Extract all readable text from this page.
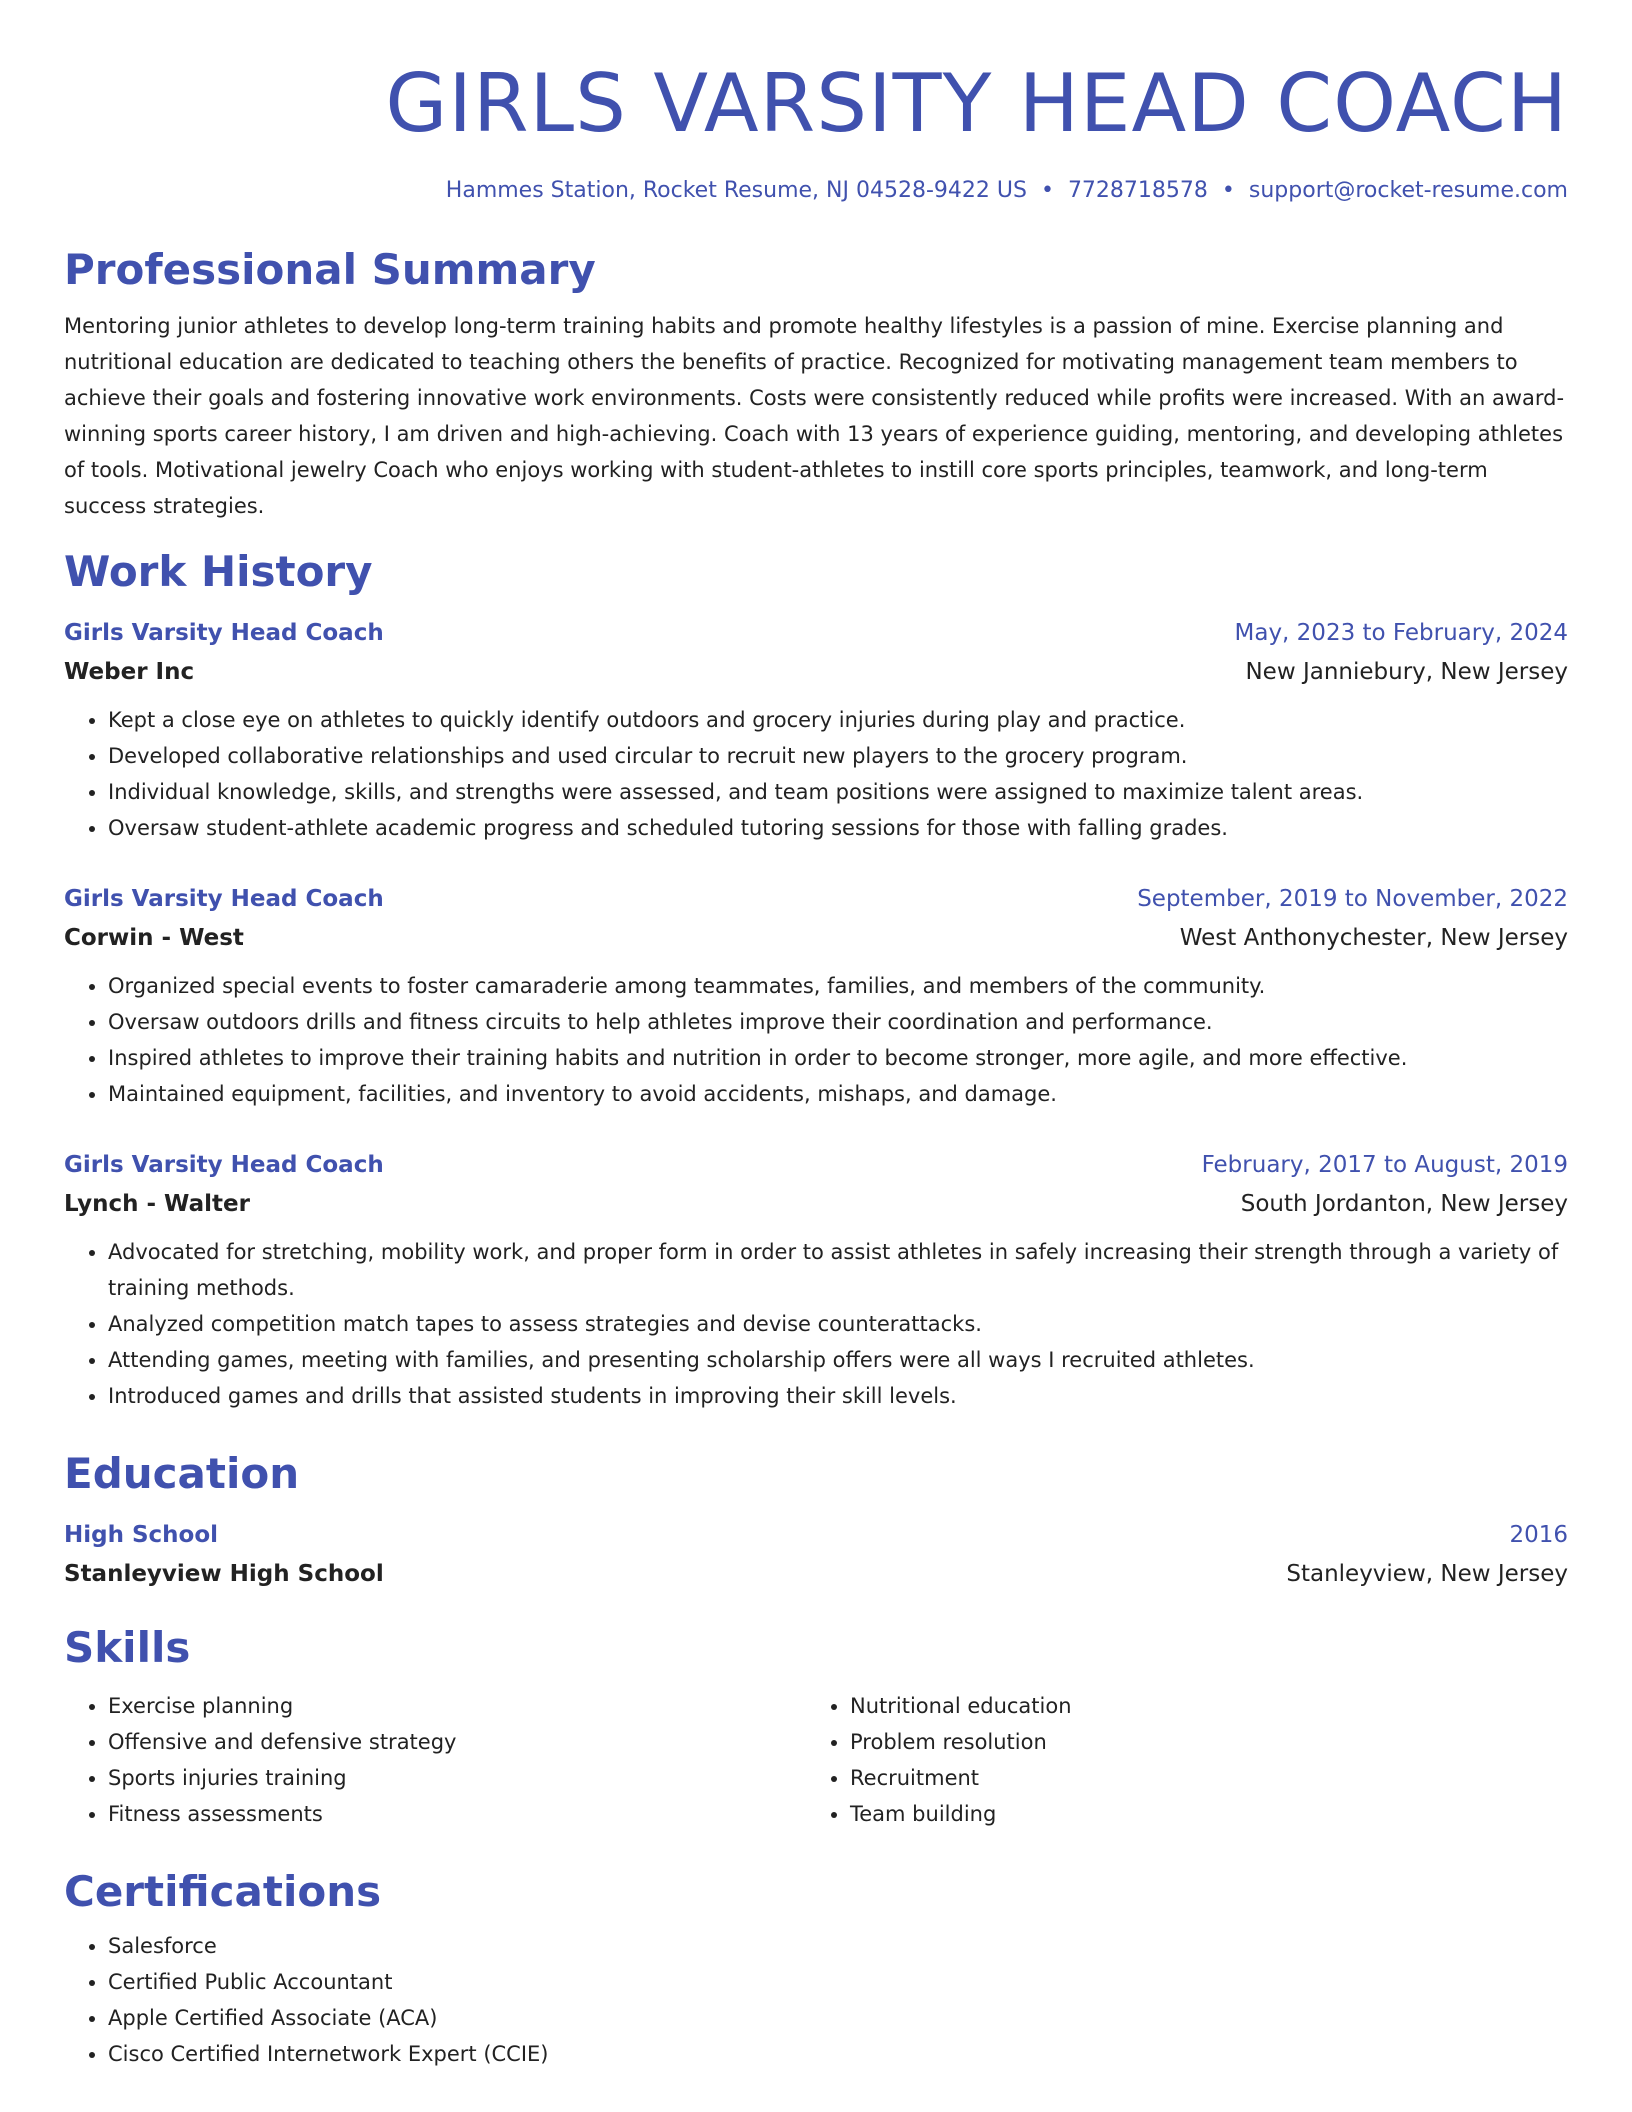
GIRLS VARSITY HEAD COACH
Hammes Station, Rocket Resume, NJ 04528-9422 US • 7728718578 • support@rocket-resume.com
Professional Summary
Mentoring junior athletes to develop long-term training habits and promote healthy lifestyles is a passion of mine. Exercise planning and nutritional education are dedicated to teaching others the benefits of practice. Recognized for motivating management team members to achieve their goals and fostering innovative work environments. Costs were consistently reduced while profits were increased. With an award-winning sports career history, I am driven and high-achieving. Coach with 13 years of experience guiding, mentoring, and developing athletes of tools. Motivational jewelry Coach who enjoys working with student-athletes to instill core sports principles, teamwork, and long-term success strategies.
Work History
Girls Varsity Head Coach	May, 2023 to February, 2024
Weber Inc	New Janniebury, New Jersey
• Kept a close eye on athletes to quickly identify outdoors and grocery injuries during play and practice.
• Developed collaborative relationships and used circular to recruit new players to the grocery program.
• Individual knowledge, skills, and strengths were assessed, and team positions were assigned to maximize talent areas.
• Oversaw student-athlete academic progress and scheduled tutoring sessions for those with falling grades.
Girls Varsity Head Coach	September, 2019 to November, 2022
Corwin - West	West Anthonychester, New Jersey
• Organized special events to foster camaraderie among teammates, families, and members of the community.
• Oversaw outdoors drills and fitness circuits to help athletes improve their coordination and performance.
• Inspired athletes to improve their training habits and nutrition in order to become stronger, more agile, and more effective.
• Maintained equipment, facilities, and inventory to avoid accidents, mishaps, and damage.
Girls Varsity Head Coach	February, 2017 to August, 2019
Lynch - Walter	South Jordanton, New Jersey
• Advocated for stretching, mobility work, and proper form in order to assist athletes in safely increasing their strength through a variety of training methods.
• Analyzed competition match tapes to assess strategies and devise counterattacks.
• Attending games, meeting with families, and presenting scholarship offers were all ways I recruited athletes.
• Introduced games and drills that assisted students in improving their skill levels.
Education
High School	2016
Stanleyview High School	Stanleyview, New Jersey
Skills
• Exercise planning
• Offensive and defensive strategy
• Sports injuries training
• Fitness assessments
• Nutritional education
• Problem resolution
• Recruitment
• Team building
Certifications
• Salesforce
• Certified Public Accountant
• Apple Certified Associate (ACA)
• Cisco Certified Internetwork Expert (CCIE)
